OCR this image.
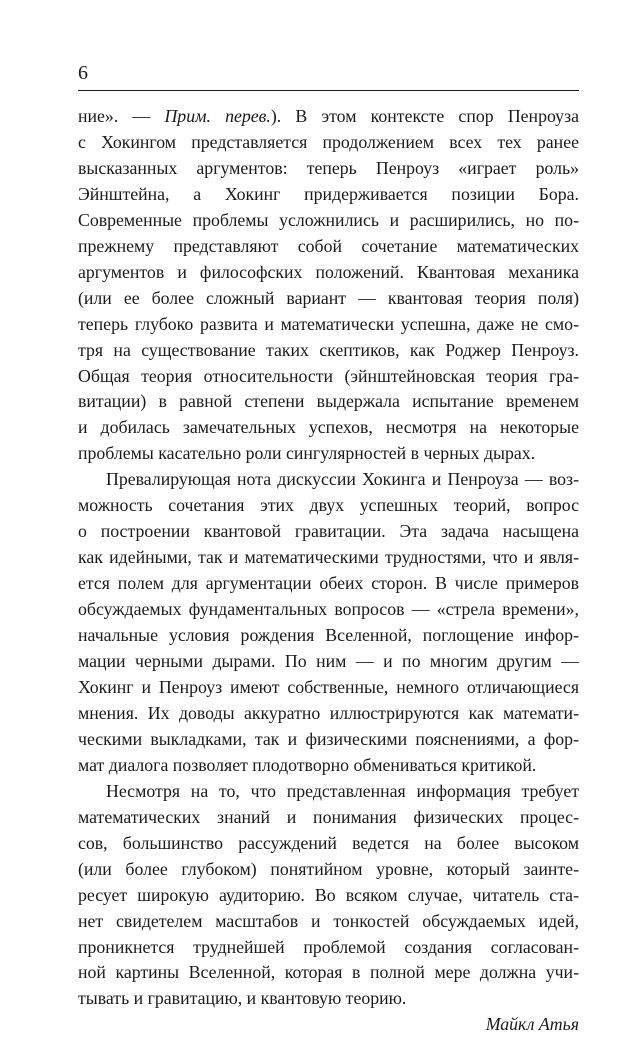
6
ние». — Прим. перев.). В этом контексте спор Пенроуза
с Хокингом представляется продолжением всех тех ранее
высказанных аргументов: теперь Пенроуз «играет роль»
Эйнштейна, а Хокинг придерживается позиции Бора.
Современные проблемы усложнились и расширились, но по-
прежнему представляют собой сочетание математических
аргументов и философских положений. Квантовая механика
(или ее более сложный вариант — квантовая теория поля)
теперь глубоко развита и математически успешна, даже не смо-
тря на существование таких скептиков, как Роджер Пенроуз.
Общая теория относительности (эйнштейновская теория гра-
витации) в равной степени выдержала испытание временем
и добилась замечательных успехов, несмотря на некоторые
проблемы касательно роли сингулярностей в черных дырах.
Превалирующая нота дискуссии Хокинга и Пенроуза — воз-
можность сочетания этих двух успешных теорий, вопрос
о построении квантовой гравитации. Эта задача насыщена
как идейными, так и математическими трудностями, что и явля-
ется полем для аргументации обеих сторон. В числе примеров
обсуждаемых фундаментальных вопросов — «стрела времени»,
начальные условия рождения Вселенной, поглощение инфор-
мации черными дырами. По ним — и по многим другим —
Хокинг и Пенроуз имеют собственные, немного отличающиеся
мнения. Их доводы аккуратно иллюстрируются как математи-
ческими выкладками, так и физическими пояснениями, а фор-
мат диалога позволяет плодотворно обмениваться критикой.
Несмотря на то, что представленная информация требует
математических знаний и понимания физических процес-
сов, большинство рассуждений ведется на более высоком
(или более глубоком) понятийном уровне, который заинте-
ресует широкую аудиторию. Во всяком случае, читатель ста-
нет свидетелем масштабов и тонкостей обсуждаемых идей,
проникнется труднейшей проблемой создания согласован-
ной картины Вселенной, которая в полной мере должна учи-
тывать и гравитацию, и квантовую теорию.
Майкл Атья
